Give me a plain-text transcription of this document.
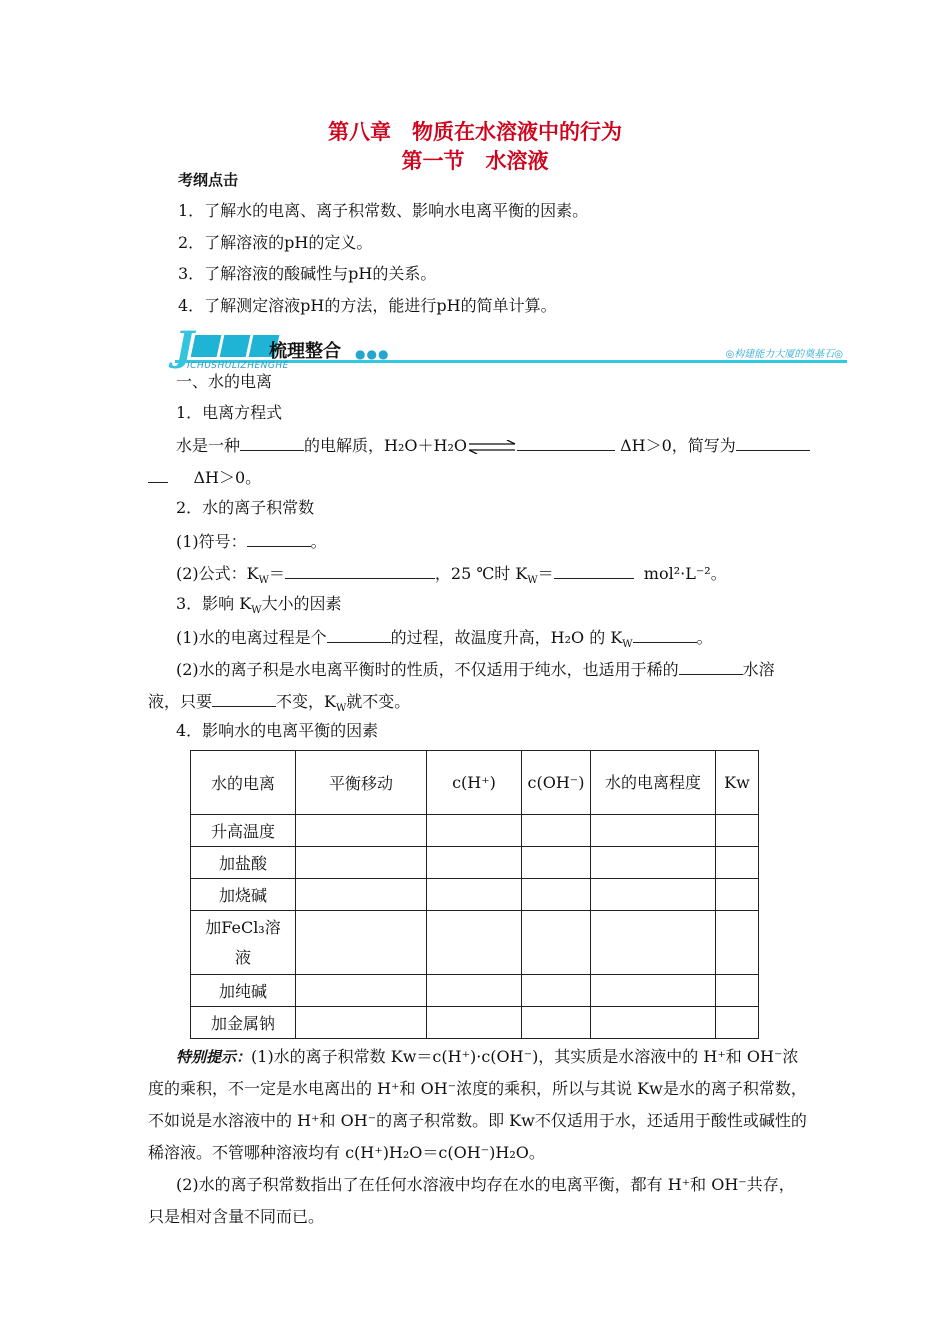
第八章　物质在水溶液中的行为
第一节　水溶液
考纲点击
1．了解水的电离、离子积常数、影响水电离平衡的因素。
2．了解溶液的pH的定义。
3．了解溶液的酸碱性与pH的关系。
4．了解测定溶液pH的方法，能进行pH的简单计算。
J	梳理整合 ●●●
ICHUSHULIZHENGHE
◎构建能力大厦的奠基石◎
一、水的电离
1．电离方程式
水是一种	的电解质，H₂O＋H₂O⇌	ΔH＞0，简写为
ΔH＞0。
2．水的离子积常数
(1)符号：	。
(2)公式：$K_W=$	，25 ℃时 $K_W=$	mol²·L⁻²。
3．影响 $K_W$大小的因素
(1)水的电离过程是个	的过程，故温度升高，H₂O 的 $K_W$	。
(2)水的离子积是水电离平衡时的性质，不仅适用于纯水，也适用于稀的	水溶
液，只要	不变，$K_W$就不变。
4．影响水的电离平衡的因素
水的电离	平衡移动	c(H⁺)	c(OH⁻)	水的电离程度	Kw
升高温度					
加盐酸					
加烧碱					
加FeCl₃溶液					
加纯碱					
加金属钠					
特别提示：(1)水的离子积常数 Kw＝c(H⁺)·c(OH⁻)，其实质是水溶液中的 H⁺和 OH⁻浓
度的乘积，不一定是水电离出的 H⁺和 OH⁻浓度的乘积，所以与其说 Kw是水的离子积常数，
不如说是水溶液中的 H⁺和 OH⁻的离子积常数。即 Kw不仅适用于水，还适用于酸性或碱性的
稀溶液。不管哪种溶液均有 c(H⁺)H₂O＝c(OH⁻)H₂O。
(2)水的离子积常数指出了在任何水溶液中均存在水的电离平衡，都有 H⁺和 OH⁻共存，
只是相对含量不同而已。
